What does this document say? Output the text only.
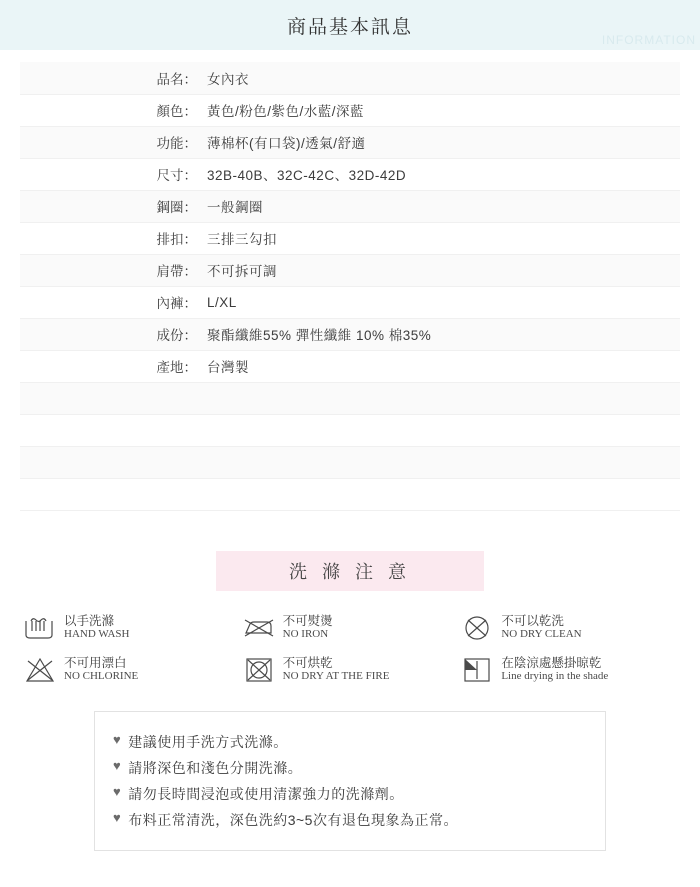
商品基本訊息
INFORMATION
品名：	女內衣
顏色：	黃色/粉色/紫色/水藍/深藍
功能：	薄棉杯(有口袋)/透氣/舒適
尺寸：	32B-40B、32C-42C、32D-42D
鋼圈：	一般鋼圈
排扣：	三排三勾扣
肩帶：	不可拆可調
內褲：	L/XL
成份：	聚酯纖維55% 彈性纖維 10% 棉35%
產地：	台灣製

洗 滌 注 意
以手洗滌
HAND WASH
不可熨燙
NO IRON
不可以乾洗
NO DRY CLEAN
不可用漂白
NO CHLORINE
不可烘乾
NO DRY AT THE FIRE
在陰涼處懸掛晾乾
Line drying in the shade
♥ 建議使用手洗方式洗滌。
♥ 請將深色和淺色分開洗滌。
♥ 請勿長時間浸泡或使用清潔強力的洗滌劑。
♥ 布料正常清洗，深色洗約3~5次有退色現象為正常。
